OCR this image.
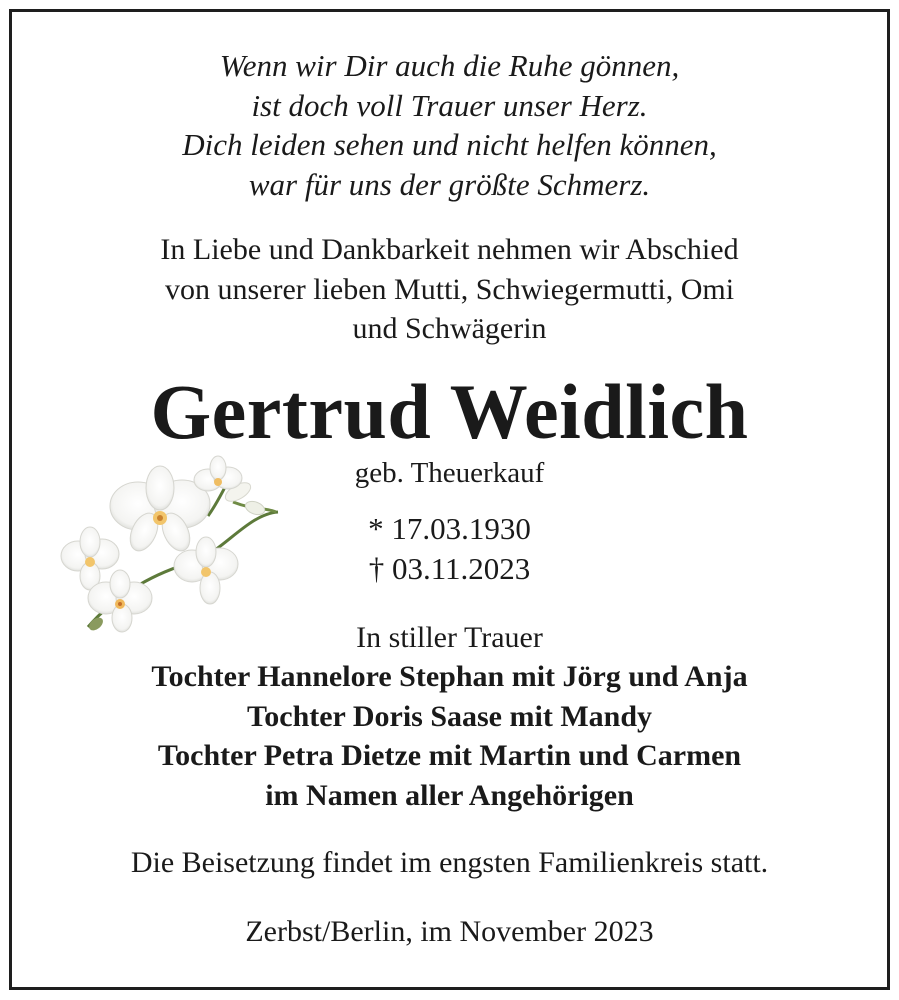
Wenn wir Dir auch die Ruhe gönnen,
ist doch voll Trauer unser Herz.
Dich leiden sehen und nicht helfen können,
war für uns der größte Schmerz.
In Liebe und Dankbarkeit nehmen wir Abschied
von unserer lieben Mutti, Schwiegermutti, Omi
und Schwägerin
Gertrud Weidlich
geb. Theuerkauf
* 17.03.1930
† 03.11.2023
In stiller Trauer
Tochter Hannelore Stephan mit Jörg und Anja
Tochter Doris Saase mit Mandy
Tochter Petra Dietze mit Martin und Carmen
im Namen aller Angehörigen
Die Beisetzung findet im engsten Familienkreis statt.
Zerbst/Berlin, im November 2023
